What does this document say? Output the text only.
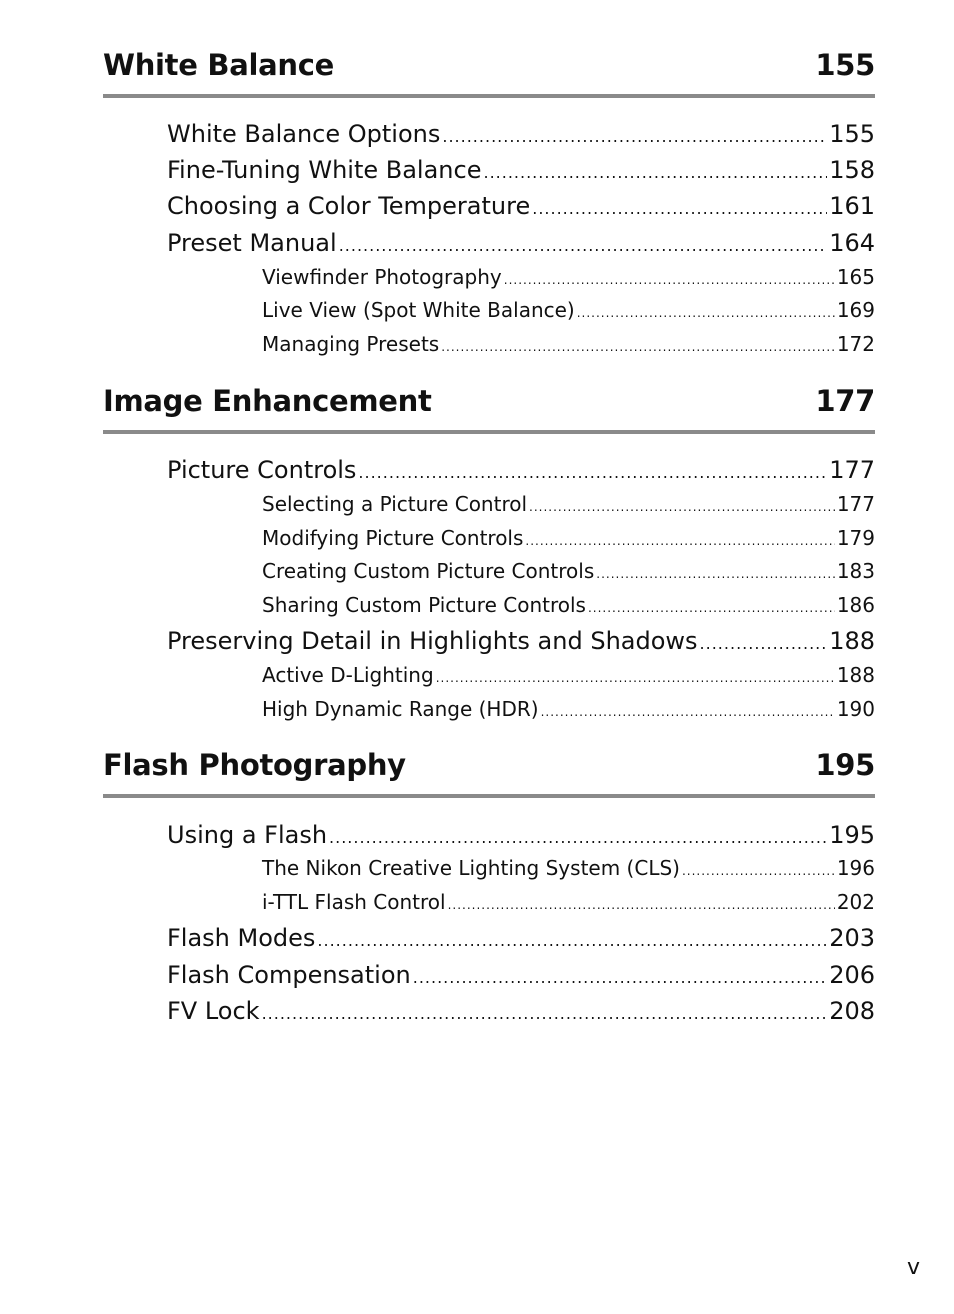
White Balance	155
White Balance Options .....	155
Fine-Tuning White Balance .....	158
Choosing a Color Temperature .....	161
Preset Manual .....	164
Viewfinder Photography .....	165
Live View (Spot White Balance) .....	169
Managing Presets .....	172
Image Enhancement	177
Picture Controls .....	177
Selecting a Picture Control .....	177
Modifying Picture Controls .....	179
Creating Custom Picture Controls .....	183
Sharing Custom Picture Controls .....	186
Preserving Detail in Highlights and Shadows .....	188
Active D-Lighting .....	188
High Dynamic Range (HDR) .....	190
Flash Photography	195
Using a Flash .....	195
The Nikon Creative Lighting System (CLS) .....	196
i-TTL Flash Control .....	202
Flash Modes .....	203
Flash Compensation .....	206
FV Lock .....	208
v
